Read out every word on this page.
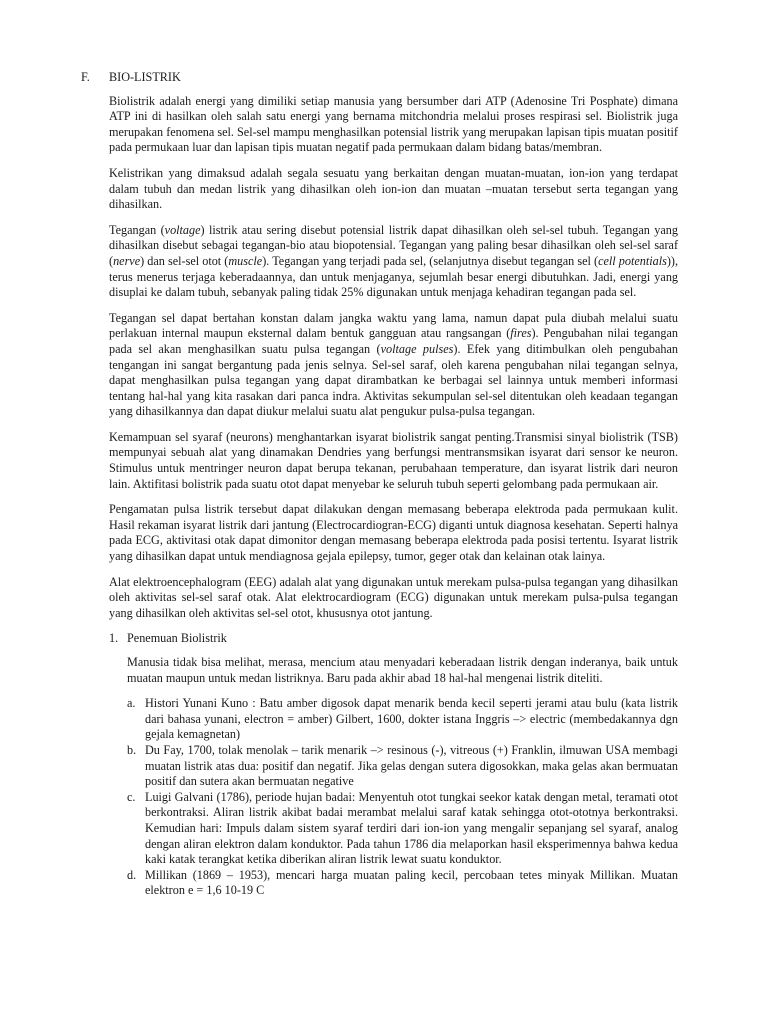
F.	BIO-LISTRIK

Biolistrik adalah energi yang dimiliki setiap manusia yang bersumber dari ATP (Adenosine Tri Posphate) dimana ATP ini di hasilkan oleh salah satu energi yang bernama mitchondria melalui proses respirasi sel. Biolistrik juga merupakan fenomena sel. Sel-sel mampu menghasilkan potensial listrik yang merupakan lapisan tipis muatan positif pada permukaan luar dan lapisan tipis muatan negatif pada permukaan dalam bidang batas/membran.

Kelistrikan yang dimaksud adalah segala sesuatu yang berkaitan dengan muatan-muatan, ion-ion yang terdapat dalam tubuh dan medan listrik yang dihasilkan oleh ion-ion dan muatan –muatan tersebut serta tegangan yang dihasilkan.

Tegangan (voltage) listrik atau sering disebut potensial listrik dapat dihasilkan oleh sel-sel tubuh. Tegangan yang dihasilkan disebut sebagai tegangan-bio atau biopotensial. Tegangan yang paling besar dihasilkan oleh sel-sel saraf (nerve) dan sel-sel otot (muscle). Tegangan yang terjadi pada sel, (selanjutnya disebut tegangan sel (cell potentials)), terus menerus terjaga keberadaannya, dan untuk menjaganya, sejumlah besar energi dibutuhkan. Jadi, energi yang disuplai ke dalam tubuh, sebanyak paling tidak 25% digunakan untuk menjaga kehadiran tegangan pada sel.

Tegangan sel dapat bertahan konstan dalam jangka waktu yang lama, namun dapat pula diubah melalui suatu perlakuan internal maupun eksternal dalam bentuk gangguan atau rangsangan (fires). Pengubahan nilai tegangan pada sel akan menghasilkan suatu pulsa tegangan (voltage pulses). Efek yang ditimbulkan oleh pengubahan tengangan ini sangat bergantung pada jenis selnya. Sel-sel saraf, oleh karena pengubahan nilai tegangan selnya, dapat menghasilkan pulsa tegangan yang dapat dirambatkan ke berbagai sel lainnya untuk memberi informasi tentang hal-hal yang kita rasakan dari panca indra. Aktivitas sekumpulan sel-sel ditentukan oleh keadaan tegangan yang dihasilkannya dan dapat diukur melalui suatu alat pengukur pulsa-pulsa tegangan.

Kemampuan sel syaraf (neurons) menghantarkan isyarat biolistrik sangat penting.Transmisi sinyal biolistrik (TSB) mempunyai sebuah alat yang dinamakan Dendries yang berfungsi mentransmsikan isyarat dari sensor ke neuron. Stimulus untuk mentringer neuron dapat berupa tekanan, perubahaan temperature, dan isyarat listrik dari neuron lain. Aktifitasi bolistrik pada suatu otot dapat menyebar ke seluruh tubuh seperti gelombang pada permukaan air.

Pengamatan pulsa listrik tersebut dapat dilakukan dengan memasang beberapa elektroda pada permukaan kulit. Hasil rekaman isyarat listrik dari jantung (Electrocardiogran-ECG) diganti untuk diagnosa kesehatan. Seperti halnya pada ECG, aktivitasi otak dapat dimonitor dengan memasang beberapa elektroda pada posisi tertentu. Isyarat listrik yang dihasilkan dapat untuk mendiagnosa gejala epilepsy, tumor, geger otak dan kelainan otak lainya.

Alat elektroencephalogram (EEG) adalah alat yang digunakan untuk merekam pulsa-pulsa tegangan yang dihasilkan oleh aktivitas sel-sel saraf otak. Alat elektrocardiogram (ECG) digunakan untuk merekam pulsa-pulsa tegangan yang dihasilkan oleh aktivitas sel-sel otot, khususnya otot jantung.

1. Penemuan Biolistrik

Manusia tidak bisa melihat, merasa, mencium atau menyadari keberadaan listrik dengan inderanya, baik untuk muatan maupun untuk medan listriknya. Baru pada akhir abad 18 hal-hal mengenai listrik diteliti.

a. Histori Yunani Kuno : Batu amber digosok dapat menarik benda kecil seperti jerami atau bulu (kata listrik dari bahasa yunani, electron = amber) Gilbert, 1600, dokter istana Inggris –> electric (membedakannya dgn gejala kemagnetan)
b. Du Fay, 1700, tolak menolak – tarik menarik –> resinous (-), vitreous (+) Franklin, ilmuwan USA membagi muatan listrik atas dua: positif dan negatif. Jika gelas dengan sutera digosokkan, maka gelas akan bermuatan positif dan sutera akan bermuatan negative
c. Luigi Galvani (1786), periode hujan badai: Menyentuh otot tungkai seekor katak dengan metal, teramati otot berkontraksi. Aliran listrik akibat badai merambat melalui saraf katak sehingga otot-ototnya berkontraksi. Kemudian hari: Impuls dalam sistem syaraf terdiri dari ion-ion yang mengalir sepanjang sel syaraf, analog dengan aliran elektron dalam konduktor. Pada tahun 1786 dia melaporkan hasil eksperimennya bahwa kedua kaki katak terangkat ketika diberikan aliran listrik lewat suatu konduktor.
d. Millikan (1869 – 1953), mencari harga muatan paling kecil, percobaan tetes minyak Millikan. Muatan elektron e = 1,6 10-19 C
